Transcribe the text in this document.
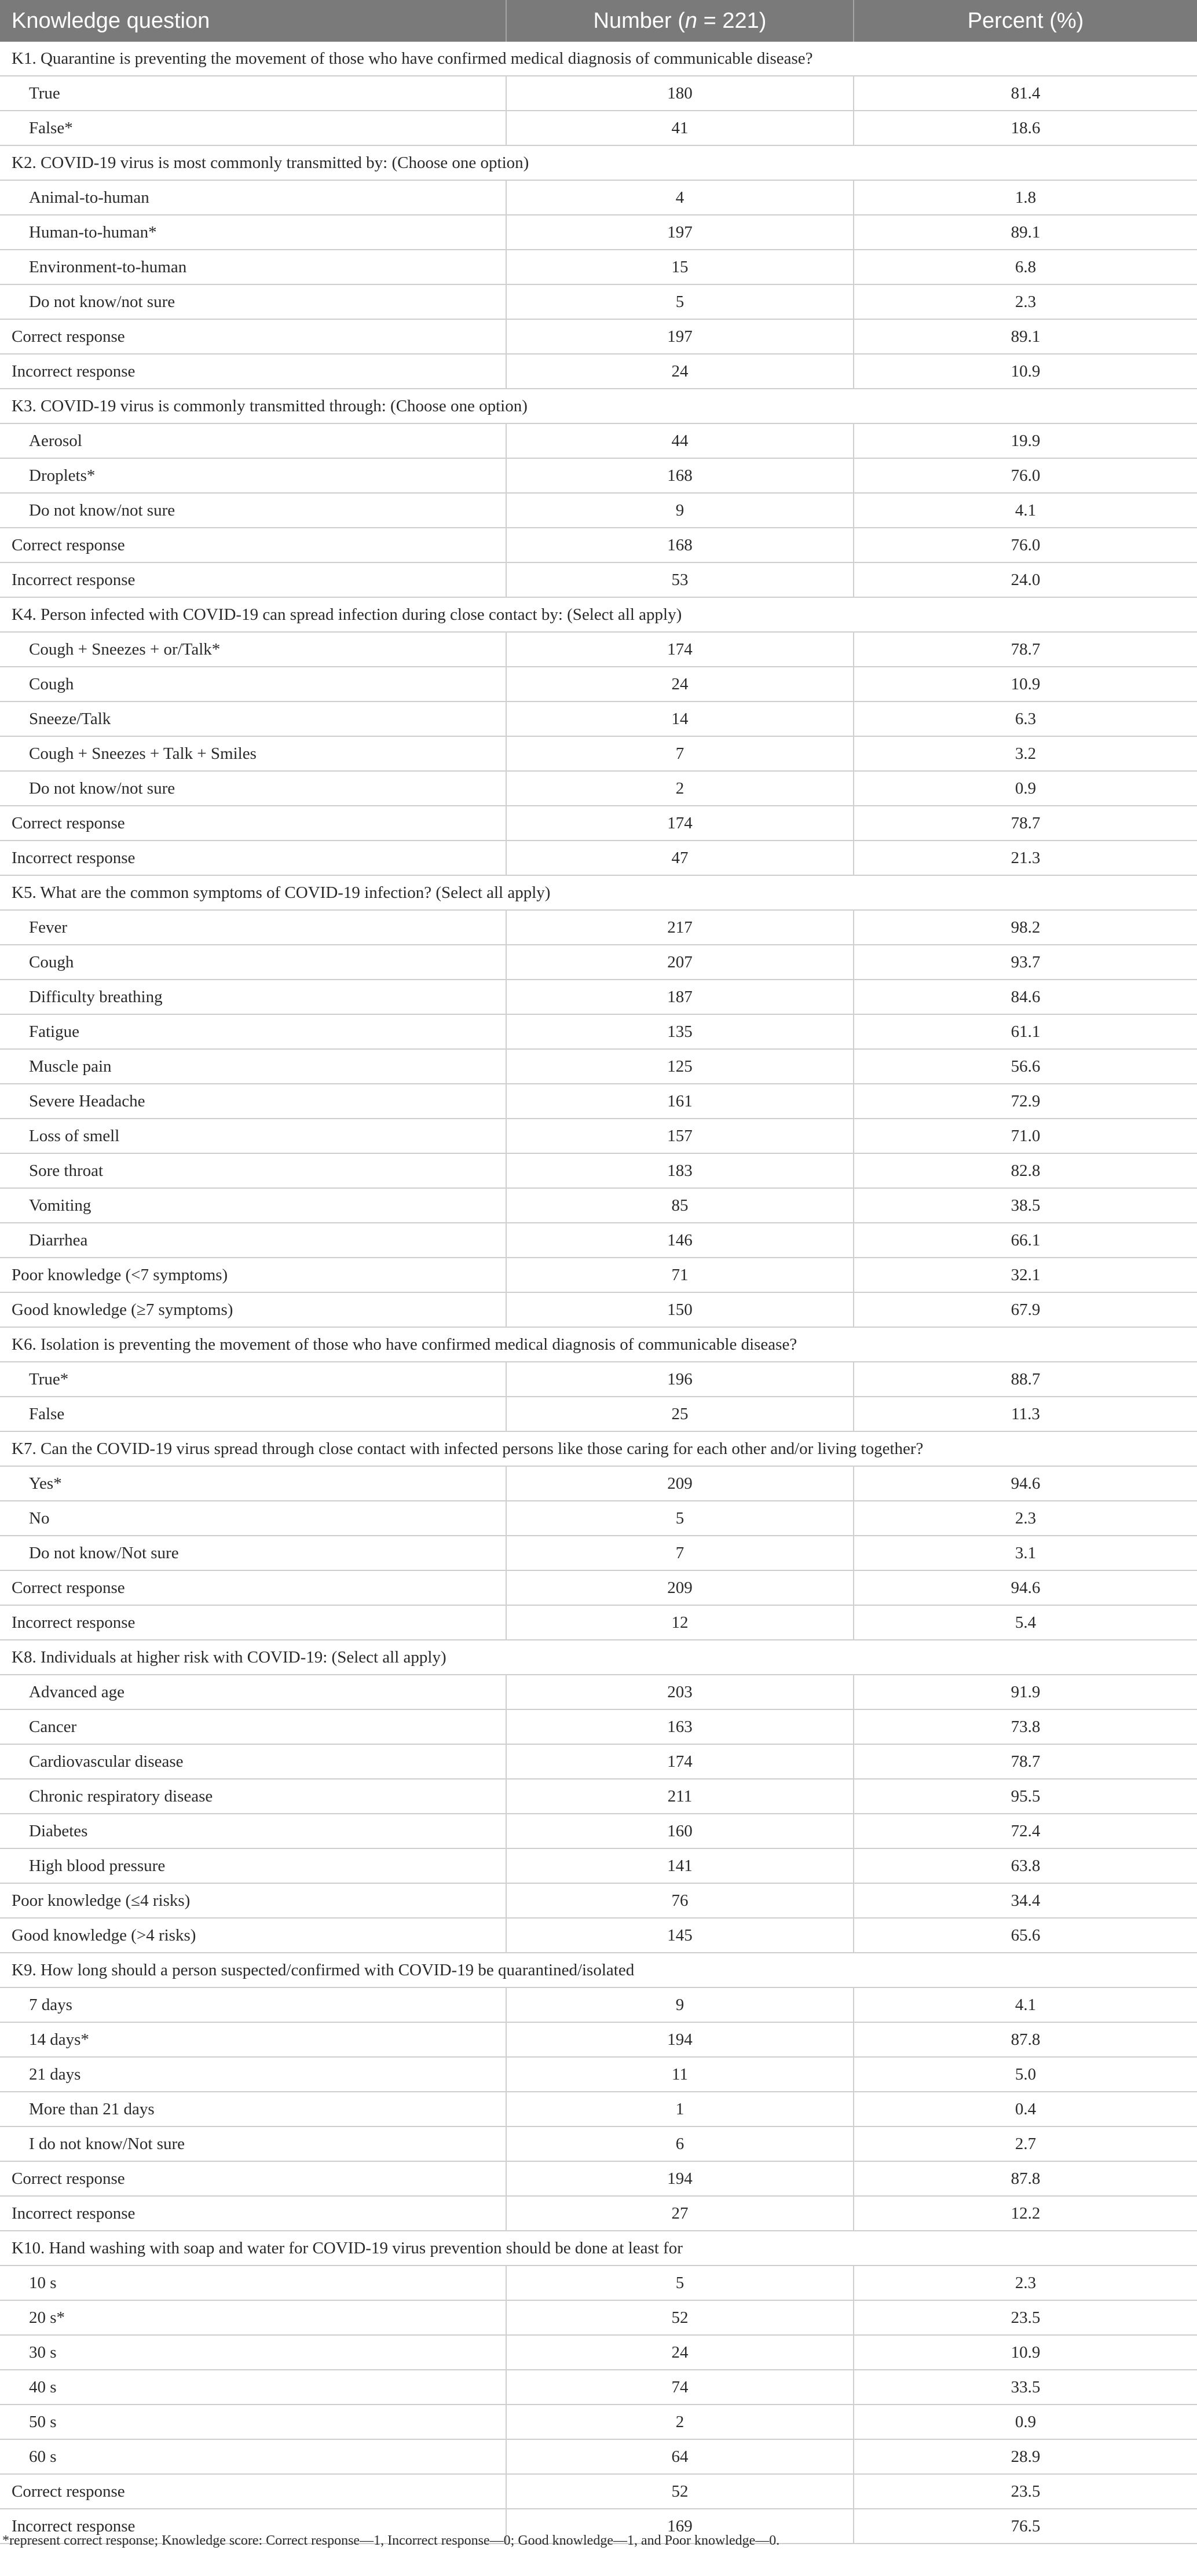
Knowledge question	Number (n = 221)	Percent (%)
K1. Quarantine is preventing the movement of those who have confirmed medical diagnosis of communicable disease?		
True	180	81.4
False*	41	18.6
K2. COVID-19 virus is most commonly transmitted by: (Choose one option)		
Animal-to-human	4	1.8
Human-to-human*	197	89.1
Environment-to-human	15	6.8
Do not know/not sure	5	2.3
Correct response	197	89.1
Incorrect response	24	10.9
K3. COVID-19 virus is commonly transmitted through: (Choose one option)		
Aerosol	44	19.9
Droplets*	168	76.0
Do not know/not sure	9	4.1
Correct response	168	76.0
Incorrect response	53	24.0
K4. Person infected with COVID-19 can spread infection during close contact by: (Select all apply)		
Cough + Sneezes + or/Talk*	174	78.7
Cough	24	10.9
Sneeze/Talk	14	6.3
Cough + Sneezes + Talk + Smiles	7	3.2
Do not know/not sure	2	0.9
Correct response	174	78.7
Incorrect response	47	21.3
K5. What are the common symptoms of COVID-19 infection? (Select all apply)		
Fever	217	98.2
Cough	207	93.7
Difficulty breathing	187	84.6
Fatigue	135	61.1
Muscle pain	125	56.6
Severe Headache	161	72.9
Loss of smell	157	71.0
Sore throat	183	82.8
Vomiting	85	38.5
Diarrhea	146	66.1
Poor knowledge (<7 symptoms)	71	32.1
Good knowledge (≥7 symptoms)	150	67.9
K6. Isolation is preventing the movement of those who have confirmed medical diagnosis of communicable disease?		
True*	196	88.7
False	25	11.3
K7. Can the COVID-19 virus spread through close contact with infected persons like those caring for each other and/or living together?		
Yes*	209	94.6
No	5	2.3
Do not know/Not sure	7	3.1
Correct response	209	94.6
Incorrect response	12	5.4
K8. Individuals at higher risk with COVID-19: (Select all apply)		
Advanced age	203	91.9
Cancer	163	73.8
Cardiovascular disease	174	78.7
Chronic respiratory disease	211	95.5
Diabetes	160	72.4
High blood pressure	141	63.8
Poor knowledge (≤4 risks)	76	34.4
Good knowledge (>4 risks)	145	65.6
K9. How long should a person suspected/confirmed with COVID-19 be quarantined/isolated		
7 days	9	4.1
14 days*	194	87.8
21 days	11	5.0
More than 21 days	1	0.4
I do not know/Not sure	6	2.7
Correct response	194	87.8
Incorrect response	27	12.2
K10. Hand washing with soap and water for COVID-19 virus prevention should be done at least for		
10 s	5	2.3
20 s*	52	23.5
30 s	24	10.9
40 s	74	33.5
50 s	2	0.9
60 s	64	28.9
Correct response	52	23.5
Incorrect response	169	76.5
*represent correct response; Knowledge score: Correct response—1, Incorrect response—0; Good knowledge—1, and Poor knowledge—0.
